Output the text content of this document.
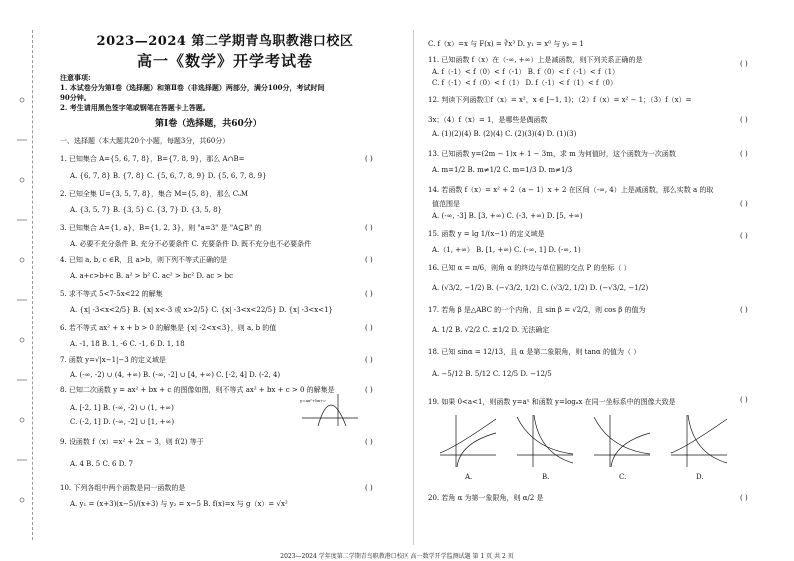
2023—2024 第二学期青鸟职教港口校区
高一《数学》开学考试卷
注意事项:
1. 本试卷分为第Ⅰ卷（选择题）和第Ⅱ卷（非选择题）两部分，满分100分，考试时间
90分钟。
2. 考生请用黑色签字笔或钢笔在答题卡上答题。
第Ⅰ卷（选择题，共60分）
一、选择题（本大题共20个小题，每题3分，共60分）
1. 已知集合 A={5, 6, 7, 8}，B={7, 8, 9}，那么 A∩B=	( )
A. {6, 7, 8} B. {7, 8} C. {5, 6, 7, 8, 9} D. {5, 6, 7, 8, 9}
2. 已知全集 U={3, 5, 7, 8}，集合 M={5, 8}，那么 CᵤM
A. {3, 5, 7} B. {3, 5} C. {3, 7} D. {3, 5, 8}
3. 已知集合 A={1, a}，B={1, 2, 3}，则 "a=3" 是 "A⊆B" 的	( )
A. 必要不充分条件 B. 充分不必要条件 C. 充要条件 D. 既不充分也不必要条件
4. 已知 a, b, c ∈R，且 a>b，则下列不等式正确的是	( )
A. a+c>b+c B. a² > b² C. ac² > bc² D. ac > bc
5. 求不等式 5<7-5x<22 的解集	( )
A. {x| -3<x<2/5} B. {x| x<-3 或 x>2/5} C. {x| -3<x<22/5} D. {x| -3<x<1}
6. 若不等式 ax² + x + b > 0 的解集是 {x| -2<x<3}，则 a, b 的值	( )
A. -1, 18 B. 1, -6 C. -1, 6 D. 1, 18
7. 函数 y=√|x−1|−3 的定义域是	( )
A. (-∞, -2) ∪ (4, +∞) B. (-∞, -2] ∪ [4, +∞) C. [-2, 4] D. (-2, 4)
8. 已知二次函数 y = ax² + bx + c 的图像如图，则不等式 ax² + bx + c > 0 的解集是	( )
A. [-2, 1] B. (-∞, -2) ∪ (1, +∞)
C. (-2, 1] D. (-∞, -2] ∪ [1, +∞)
y=ax²+bx+c
9. 设函数 f（x）=x² + 2x − 3，则 f(2) 等于	( )
A. 4 B. 5 C. 6 D. 7
10. 下列各组中两个函数是同一函数的是	( )
A. y₁ = (x+3)(x−5)/(x+3) 与 y₂ = x−5 B. f(x)=x 与 g（x）= √x²
C. f（x）=x 与 F(x) = ∛x³ D. y₁ = x⁰ 与 y₂ = 1
11. 已知函数 f（x）在（-∞, +∞）上是减函数，则下列关系正确的是	( )
A. f（-1）< f（0）< f（-1） B. f（0）< f（-1）< f（1）
C. f（-1）< f（0）< f（1） D. f（-1）< f（1）< f（0）
12. 判读下列函数①f（x）= x²，x ∈ [−1, 1)；（2）f（x）= x² − 1；（3）f（x）=
3x；（4）f（x）= 1，是哪些是偶函数	( )
A. (1)(2)(4) B. (2)(4) C. (2)(3)(4) D. (1)(3)
13. 已知函数 y=(2m − 1)x + 1 − 3m，求 m 为何值时，这个函数为一次函数	( )
A. m=1/2 B. m≠1/2 C. m=1/3 D. m≠1/3
14. 若函数 f（x）= x² + 2（a − 1）x + 2 在区间（-∞, 4）上是减函数，那么实数 a 的取
值范围是	( )
A. (-∞, -3] B. [3, +∞) C. (-3, +∞) D. [5, +∞)
15. 函数 y = lg 1/(x−1) 的定义域是	( )
A.（1, +∞） B. [1, +∞) C. (-∞, 1] D. (-∞, 1)
16. 已知 α = π/6，则角 α 的终边与单位圆的交点 P 的坐标（ ）
A. (√3/2, −1/2) B. (−√3/2, 1/2) C. (√3/2, 1/2) D. (−√3/2, −1/2)
17. 若角 β 是△ABC 的一个内角，且 sin β = √2/2，则 cos β 的值为	( )
A. 1/2 B. √2/2 C. ±1/2 D. 无法确定
18. 已知 sinα = 12/13，且 α 是第二象限角，则 tanα 的值为（ ）
A. −5/12 B. 5/12 C. 12/5 D. −12/5
19. 如果 0<a<1，则函数 y=aˣ 和函数 y=logₐx 在同一坐标系中的图像大致是	( )
A.	B.	C.	D.
20. 若角 α 为第一象限角，则 α/2 是	( )
2023—2024 学年度第二学期青鸟职教港口校区 高一数学开学监测试题 第 1 页 共 2 页
